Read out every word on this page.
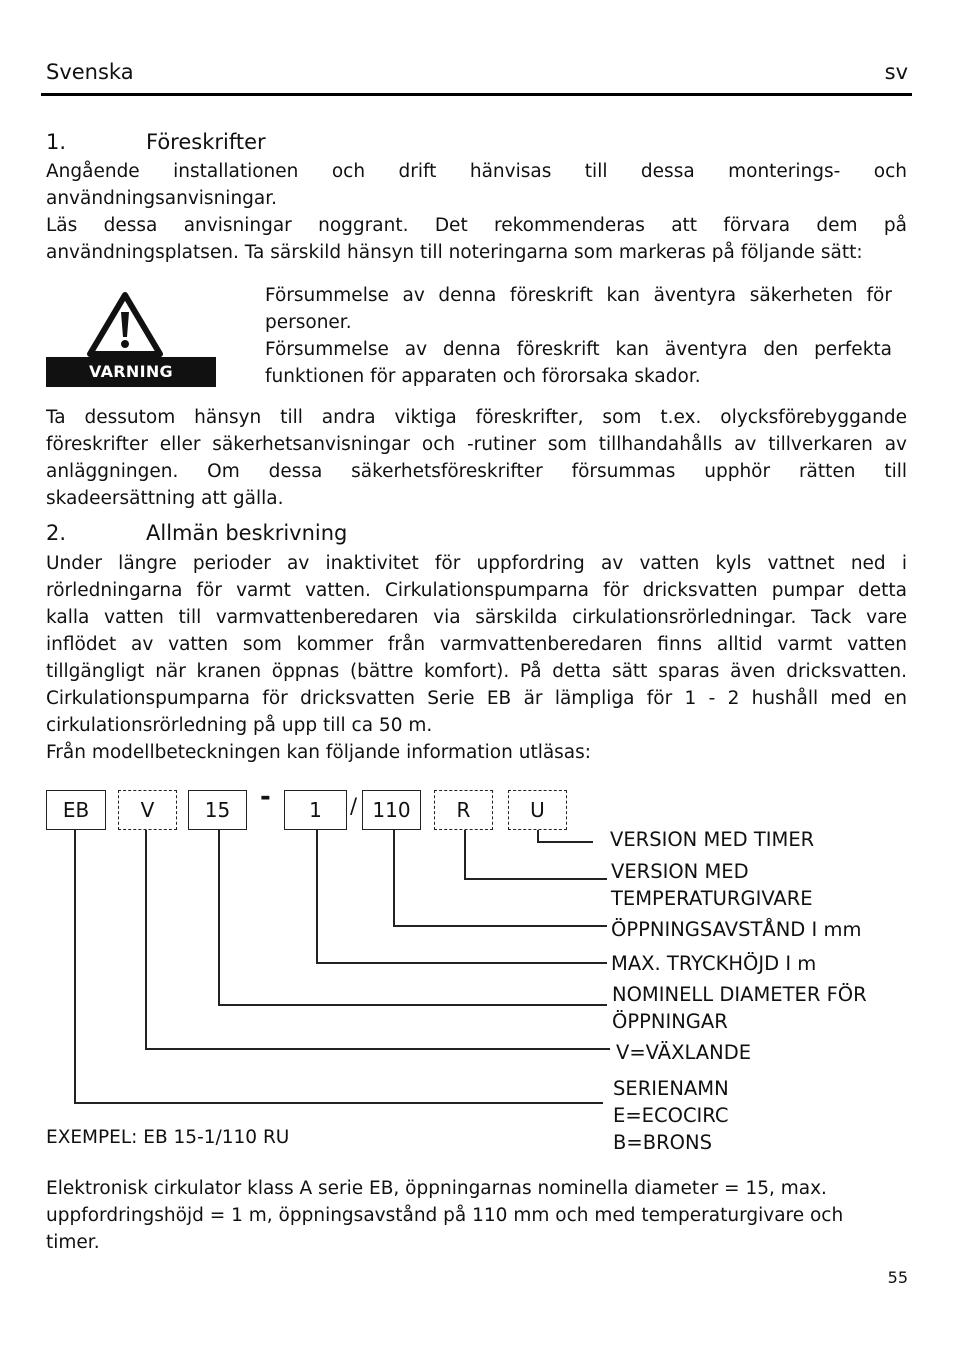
Svenska	sv
1.	Föreskrifter
Angående installationen och drift hänvisas till dessa monterings- och
användningsanvisningar.
Läs dessa anvisningar noggrant. Det rekommenderas att förvara dem på
användningsplatsen. Ta särskild hänsyn till noteringarna som markeras på följande sätt:
VARNING
Försummelse av denna föreskrift kan äventyra säkerheten för
personer.
Försummelse av denna föreskrift kan äventyra den perfekta
funktionen för apparaten och förorsaka skador.
Ta dessutom hänsyn till andra viktiga föreskrifter, som t.ex. olycksförebyggande
föreskrifter eller säkerhetsanvisningar och -rutiner som tillhandahålls av tillverkaren av
anläggningen. Om dessa säkerhetsföreskrifter försummas upphör rätten till
skadeersättning att gälla.
2.	Allmän beskrivning
Under längre perioder av inaktivitet för uppfordring av vatten kyls vattnet ned i
rörledningarna för varmt vatten. Cirkulationspumparna för dricksvatten pumpar detta
kalla vatten till varmvattenberedaren via särskilda cirkulationsrörledningar. Tack vare
inflödet av vatten som kommer från varmvattenberedaren finns alltid varmt vatten
tillgängligt när kranen öppnas (bättre komfort). På detta sätt sparas även dricksvatten.
Cirkulationspumparna för dricksvatten Serie EB är lämpliga för 1 - 2 hushåll med en
cirkulationsrörledning på upp till ca 50 m.
Från modellbeteckningen kan följande information utläsas:
EB	V	15	-	1	/ 110	R	U
VERSION MED TIMER
VERSION MED
TEMPERATURGIVARE
ÖPPNINGSAVSTÅND I mm
MAX. TRYCKHÖJD I m
NOMINELL DIAMETER FÖR
ÖPPNINGAR
V=VÄXLANDE
SERIENAMN
E=ECOCIRC
B=BRONS
EXEMPEL: EB 15-1/110 RU
Elektronisk cirkulator klass A serie EB, öppningarnas nominella diameter = 15, max.
uppfordringshöjd = 1 m, öppningsavstånd på 110 mm och med temperaturgivare och
timer.
55
